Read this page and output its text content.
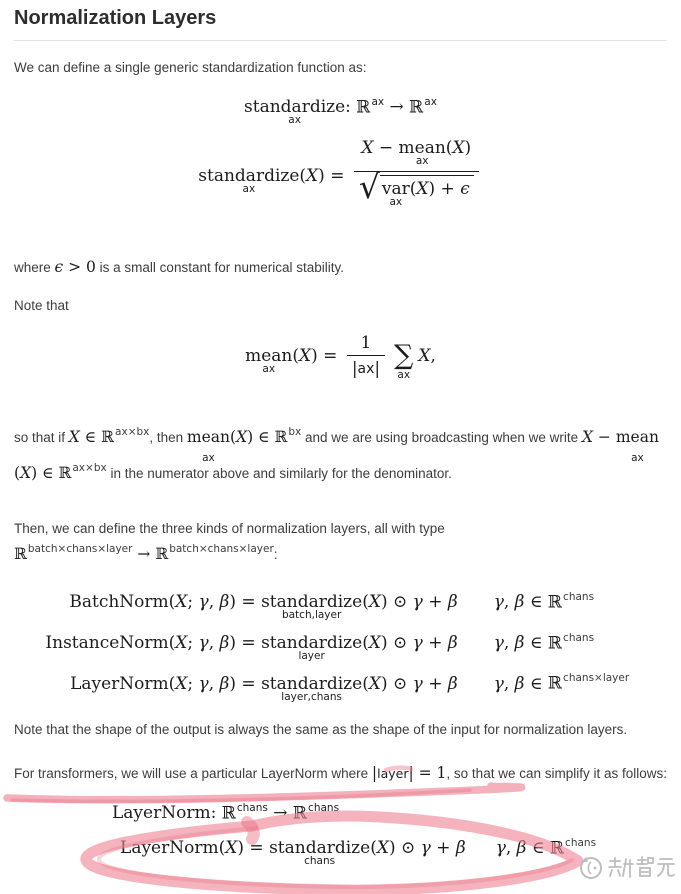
Normalization Layers

We can define a single generic standardization function as:

standardize
ax
: ℝ$^{ax}$ → ℝ$^{ax}$
standardize
ax
( X ) = X − mean
ax
( X )
√ var
ax
( X ) + ϵ

where ϵ > 0 is a small constant for numerical stability.

Note that

mean
ax
( X ) = $\frac{1}{| ax |}$ ∑
ax
X ,

so that if X ∈ ℝ$^{ax\times bx}$, then mean
ax
(X) ∈ ℝ$^{bx}$ and we are using broadcasting when we write X − mean
ax
(X) ∈ ℝ$^{ax\times bx}$ in the numerator above and similarly for the denominator.

Then, we can define the three kinds of normalization layers, all with type
ℝ$^{batch\times chans\times layer}$ → ℝ$^{batch\times chans\times layer}$:

BatchNorm( X ; γ , β ) = standardize
batch,layer
( X ) ⊙ γ + β γ , β ∈ ℝ$^{chans}$
InstanceNorm( X ; γ , β ) = standardize
layer
( X ) ⊙ γ + β γ , β ∈ ℝ$^{chans}$
LayerNorm( X ; γ , β ) = standardize
layer,chans
( X ) ⊙ γ + β γ , β ∈ ℝ$^{chans\times layer}$

Note that the shape of the output is always the same as the shape of the input for normalization layers.

For transformers, we will use a particular LayerNorm where |layer| = 1, so that we can simplify it as follows:

LayerNorm: ℝ$^{chans}$ → ℝ$^{chans}$
LayerNorm( X ) = standardize
chans
( X ) ⊙ γ + β γ , β ∈ ℝ$^{chans}$
